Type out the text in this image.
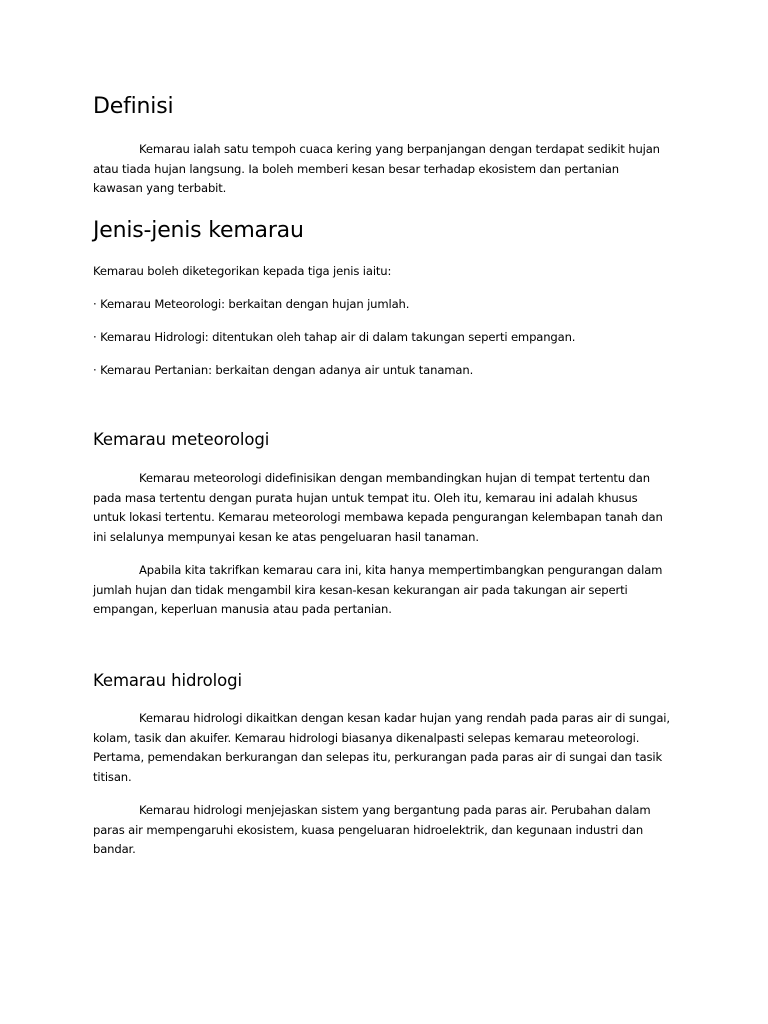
Definisi

Kemarau ialah satu tempoh cuaca kering yang berpanjangan dengan terdapat sedikit hujan
atau tiada hujan langsung. Ia boleh memberi kesan besar terhadap ekosistem dan pertanian
kawasan yang terbabit.

Jenis-jenis kemarau

Kemarau boleh diketegorikan kepada tiga jenis iaitu:

· Kemarau Meteorologi: berkaitan dengan hujan jumlah.

· Kemarau Hidrologi: ditentukan oleh tahap air di dalam takungan seperti empangan.

· Kemarau Pertanian: berkaitan dengan adanya air untuk tanaman.

Kemarau meteorologi

Kemarau meteorologi didefinisikan dengan membandingkan hujan di tempat tertentu dan
pada masa tertentu dengan purata hujan untuk tempat itu. Oleh itu, kemarau ini adalah khusus
untuk lokasi tertentu. Kemarau meteorologi membawa kepada pengurangan kelembapan tanah dan
ini selalunya mempunyai kesan ke atas pengeluaran hasil tanaman.

Apabila kita takrifkan kemarau cara ini, kita hanya mempertimbangkan pengurangan dalam
jumlah hujan dan tidak mengambil kira kesan-kesan kekurangan air pada takungan air seperti
empangan, keperluan manusia atau pada pertanian.

Kemarau hidrologi

Kemarau hidrologi dikaitkan dengan kesan kadar hujan yang rendah pada paras air di sungai,
kolam, tasik dan akuifer. Kemarau hidrologi biasanya dikenalpasti selepas kemarau meteorologi.
Pertama, pemendakan berkurangan dan selepas itu, perkurangan pada paras air di sungai dan tasik
titisan.

Kemarau hidrologi menjejaskan sistem yang bergantung pada paras air. Perubahan dalam
paras air mempengaruhi ekosistem, kuasa pengeluaran hidroelektrik, dan kegunaan industri dan
bandar.
